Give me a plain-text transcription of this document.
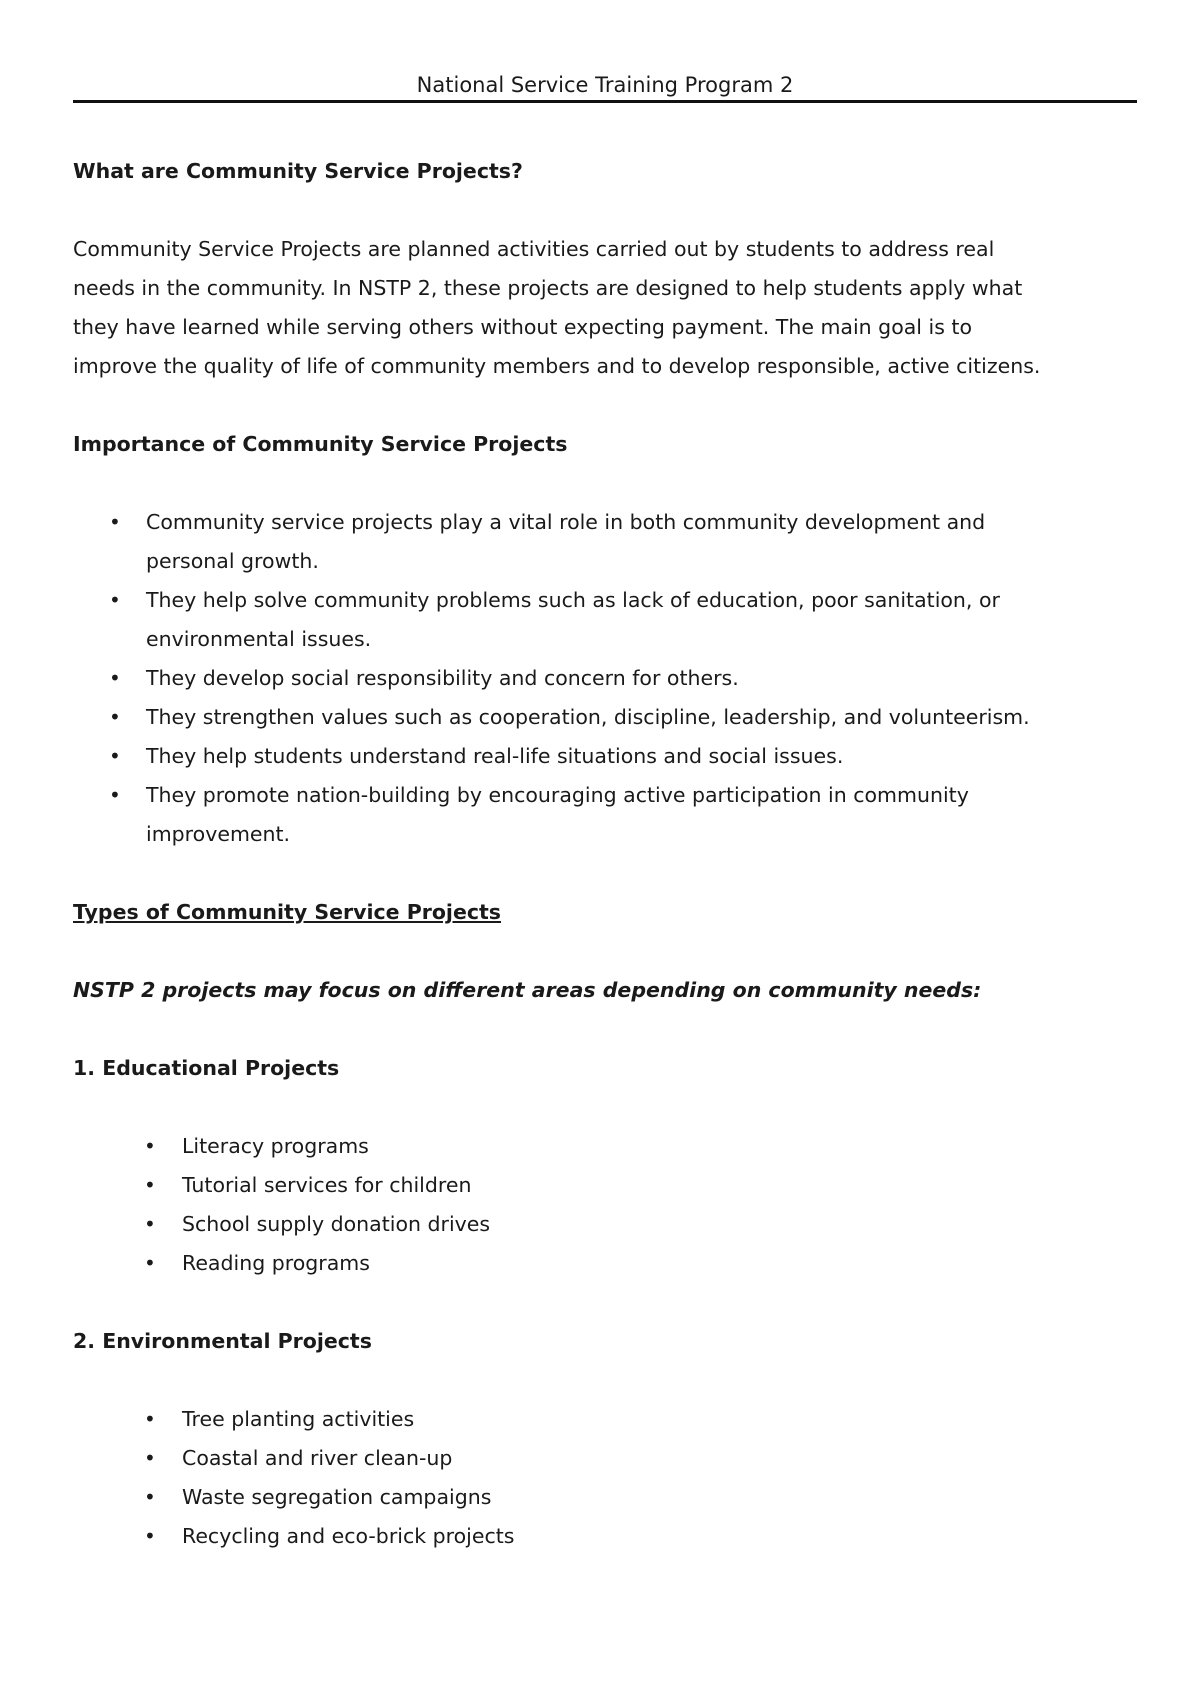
National Service Training Program 2

What are Community Service Projects?

Community Service Projects are planned activities carried out by students to address real

needs in the community. In NSTP 2, these projects are designed to help students apply what

they have learned while serving others without expecting payment. The main goal is to

improve the quality of life of community members and to develop responsible, active citizens.

Importance of Community Service Projects

• Community service projects play a vital role in both community development and
personal growth.
• They help solve community problems such as lack of education, poor sanitation, or
environmental issues.
• They develop social responsibility and concern for others.
• They strengthen values such as cooperation, discipline, leadership, and volunteerism.
• They help students understand real-life situations and social issues.
• They promote nation-building by encouraging active participation in community
improvement.

Types of Community Service Projects

NSTP 2 projects may focus on different areas depending on community needs:

1. Educational Projects

• Literacy programs
• Tutorial services for children
• School supply donation drives
• Reading programs

2. Environmental Projects

• Tree planting activities
• Coastal and river clean-up
• Waste segregation campaigns
• Recycling and eco-brick projects
